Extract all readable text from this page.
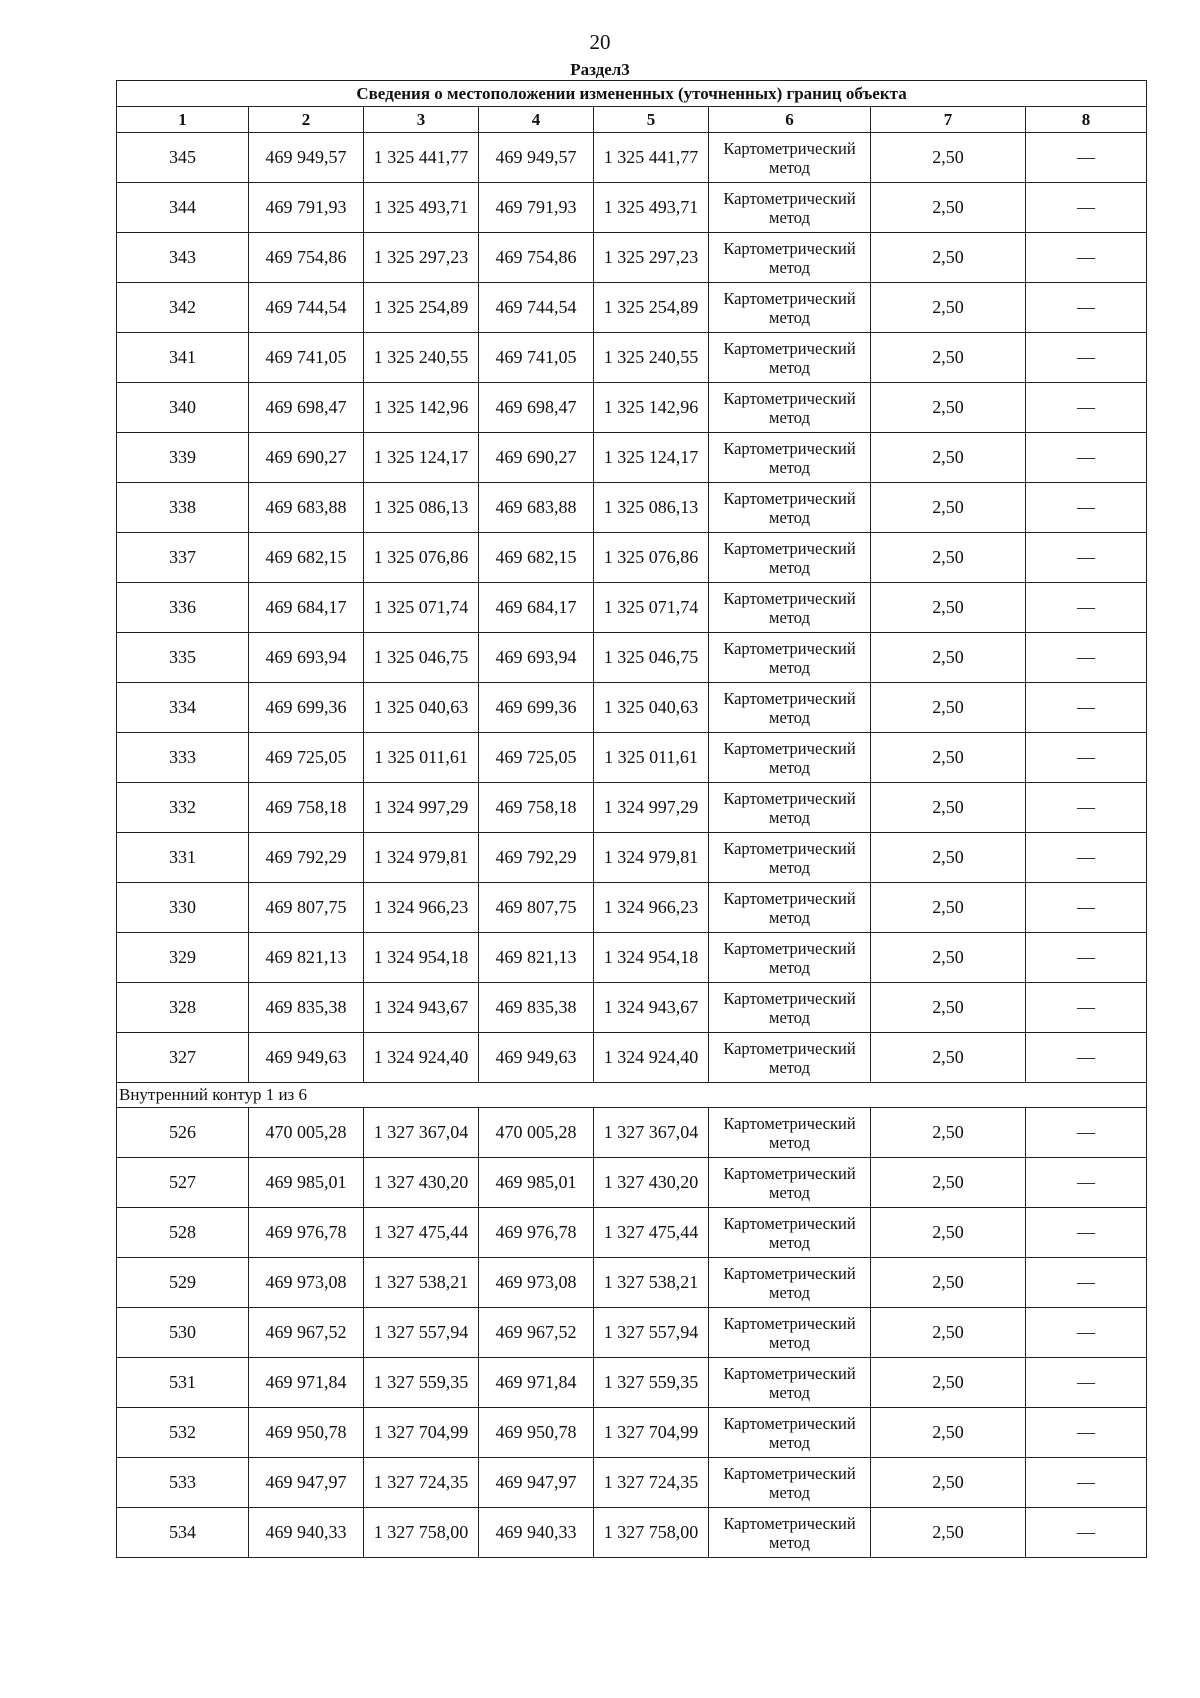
20
Раздел3
Сведения о местоположении измененных (уточненных) границ объекта							
1	2	3	4	5	6	7	8
345	469 949,57	1 325 441,77	469 949,57	1 325 441,77	Картометрический метод	2,50	—
344	469 791,93	1 325 493,71	469 791,93	1 325 493,71	Картометрический метод	2,50	—
343	469 754,86	1 325 297,23	469 754,86	1 325 297,23	Картометрический метод	2,50	—
342	469 744,54	1 325 254,89	469 744,54	1 325 254,89	Картометрический метод	2,50	—
341	469 741,05	1 325 240,55	469 741,05	1 325 240,55	Картометрический метод	2,50	—
340	469 698,47	1 325 142,96	469 698,47	1 325 142,96	Картометрический метод	2,50	—
339	469 690,27	1 325 124,17	469 690,27	1 325 124,17	Картометрический метод	2,50	—
338	469 683,88	1 325 086,13	469 683,88	1 325 086,13	Картометрический метод	2,50	—
337	469 682,15	1 325 076,86	469 682,15	1 325 076,86	Картометрический метод	2,50	—
336	469 684,17	1 325 071,74	469 684,17	1 325 071,74	Картометрический метод	2,50	—
335	469 693,94	1 325 046,75	469 693,94	1 325 046,75	Картометрический метод	2,50	—
334	469 699,36	1 325 040,63	469 699,36	1 325 040,63	Картометрический метод	2,50	—
333	469 725,05	1 325 011,61	469 725,05	1 325 011,61	Картометрический метод	2,50	—
332	469 758,18	1 324 997,29	469 758,18	1 324 997,29	Картометрический метод	2,50	—
331	469 792,29	1 324 979,81	469 792,29	1 324 979,81	Картометрический метод	2,50	—
330	469 807,75	1 324 966,23	469 807,75	1 324 966,23	Картометрический метод	2,50	—
329	469 821,13	1 324 954,18	469 821,13	1 324 954,18	Картометрический метод	2,50	—
328	469 835,38	1 324 943,67	469 835,38	1 324 943,67	Картометрический метод	2,50	—
327	469 949,63	1 324 924,40	469 949,63	1 324 924,40	Картометрический метод	2,50	—
Внутренний контур 1 из 6							
526	470 005,28	1 327 367,04	470 005,28	1 327 367,04	Картометрический метод	2,50	—
527	469 985,01	1 327 430,20	469 985,01	1 327 430,20	Картометрический метод	2,50	—
528	469 976,78	1 327 475,44	469 976,78	1 327 475,44	Картометрический метод	2,50	—
529	469 973,08	1 327 538,21	469 973,08	1 327 538,21	Картометрический метод	2,50	—
530	469 967,52	1 327 557,94	469 967,52	1 327 557,94	Картометрический метод	2,50	—
531	469 971,84	1 327 559,35	469 971,84	1 327 559,35	Картометрический метод	2,50	—
532	469 950,78	1 327 704,99	469 950,78	1 327 704,99	Картометрический метод	2,50	—
533	469 947,97	1 327 724,35	469 947,97	1 327 724,35	Картометрический метод	2,50	—
534	469 940,33	1 327 758,00	469 940,33	1 327 758,00	Картометрический метод	2,50	—
